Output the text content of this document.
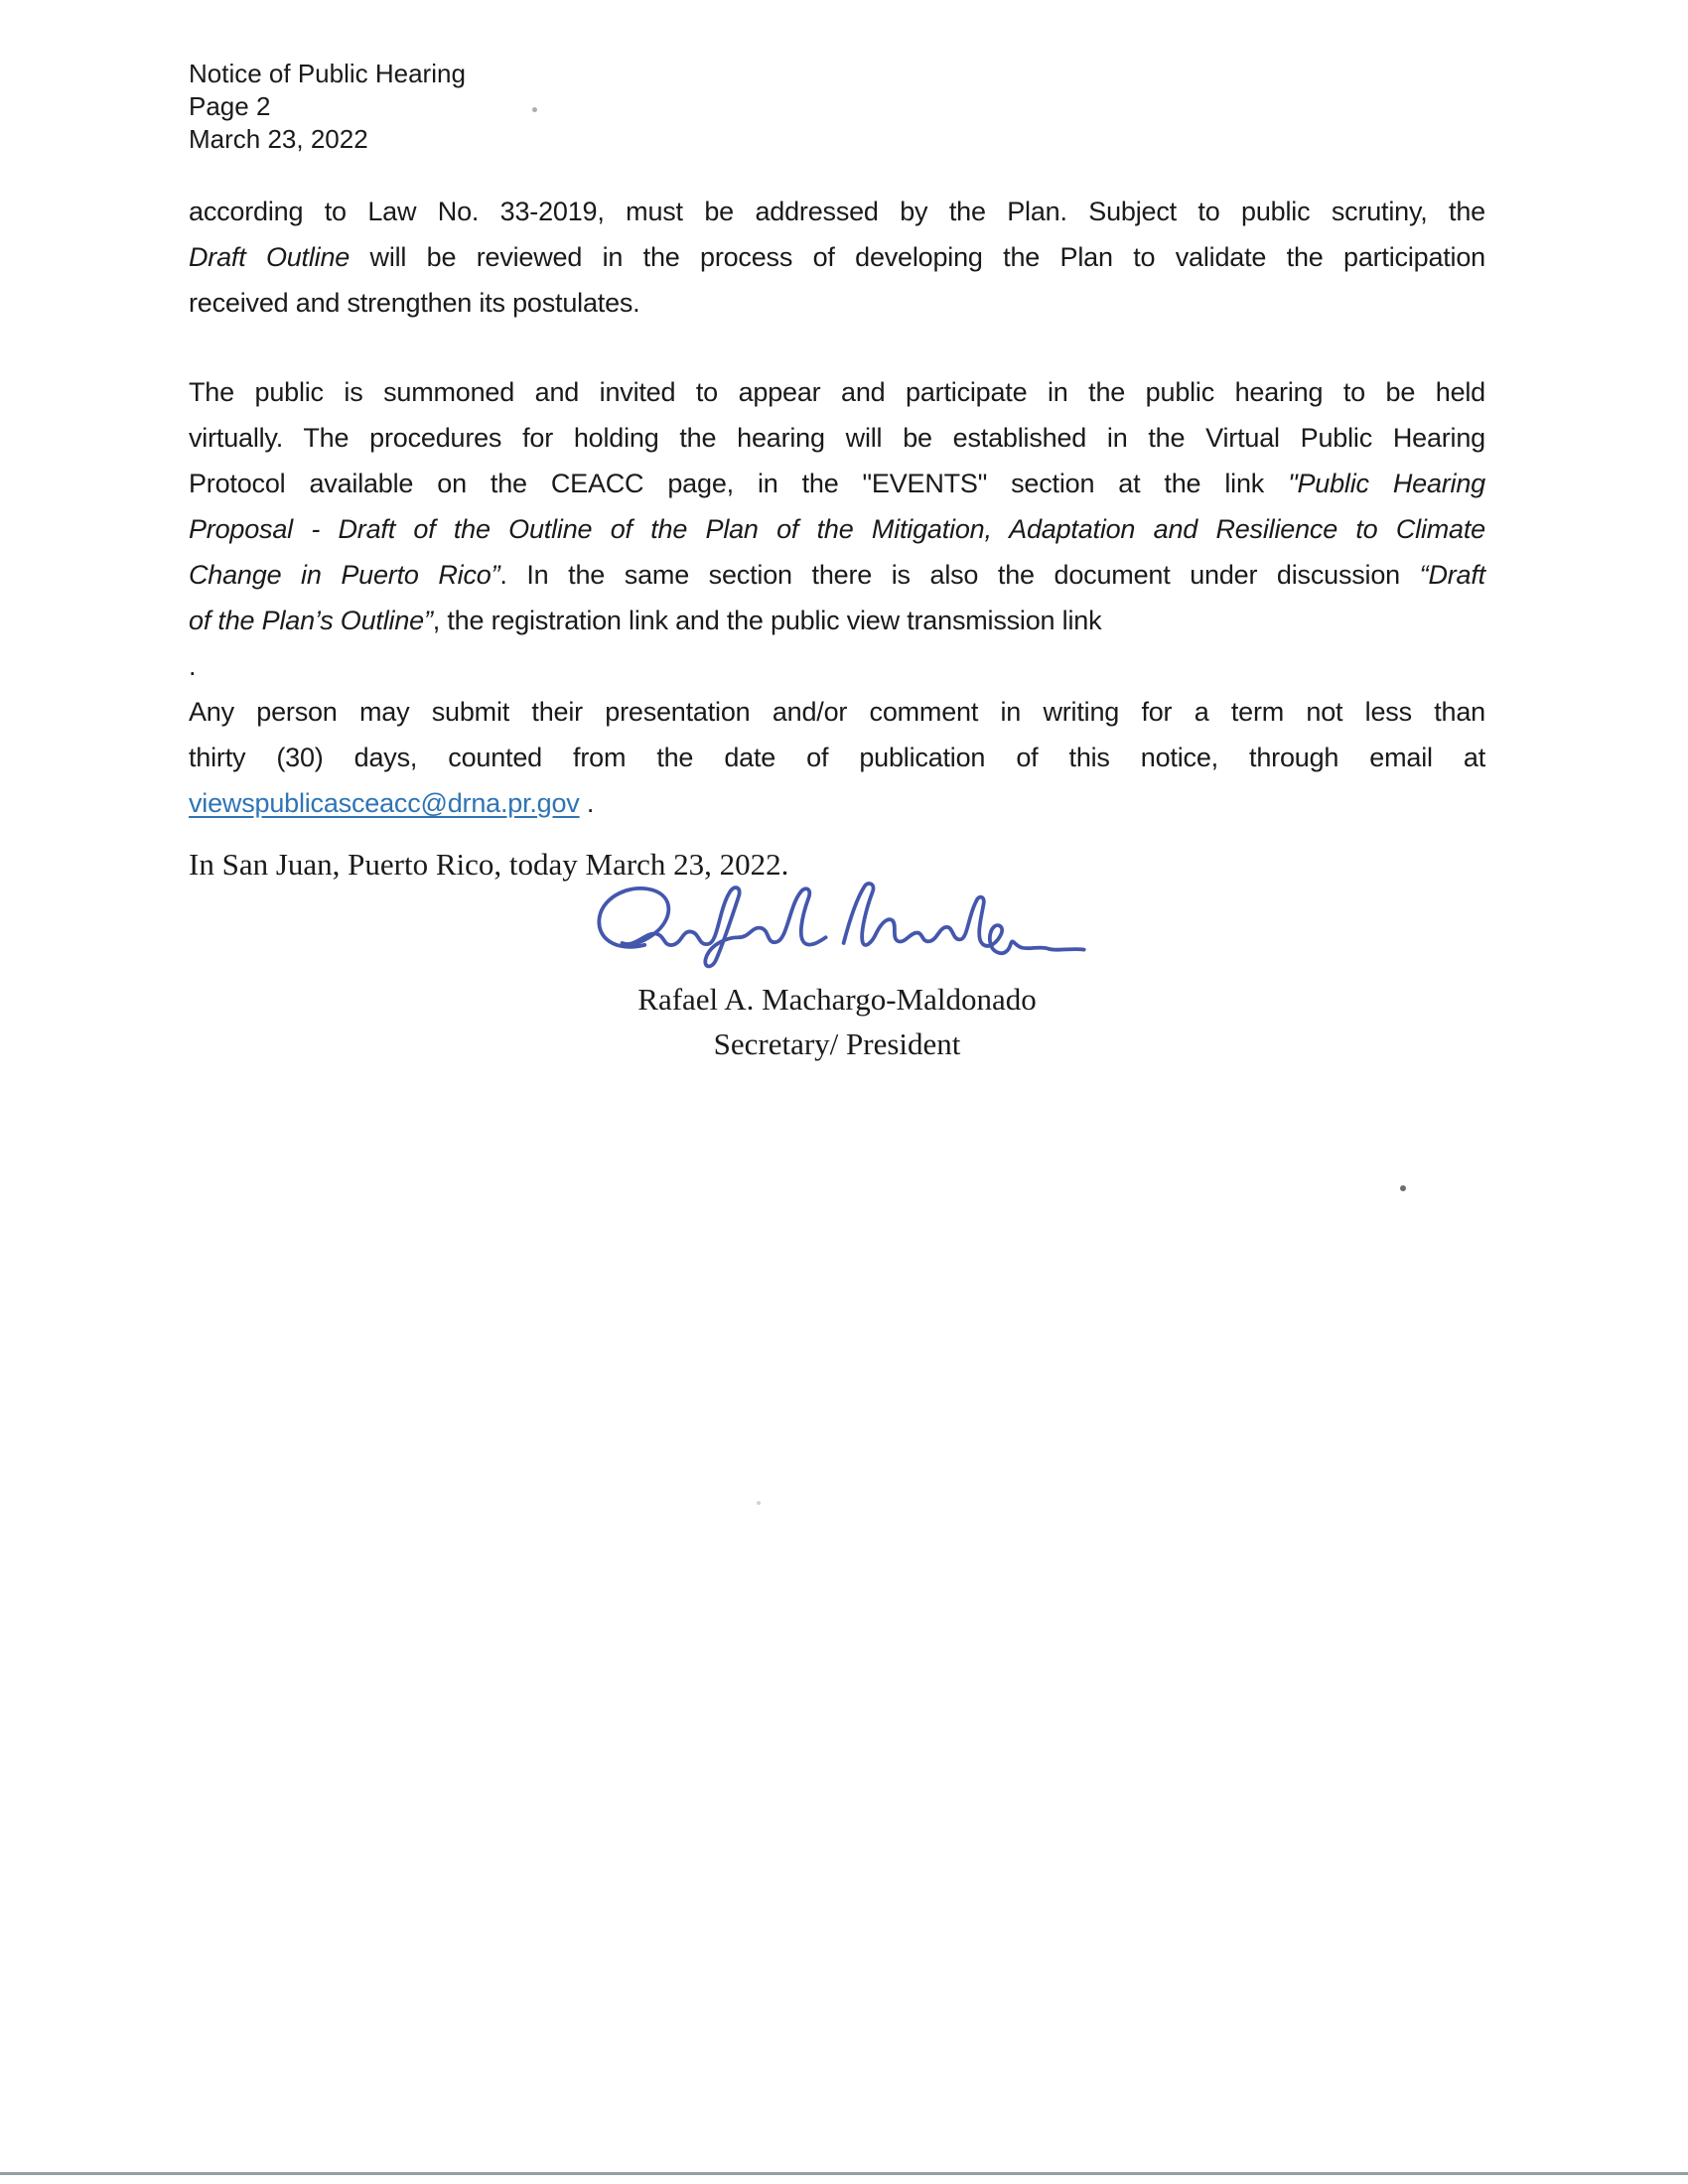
Notice of Public Hearing
Page 2
March 23, 2022
according to Law No. 33-2019, must be addressed by the Plan. Subject to public scrutiny, the
Draft Outline will be reviewed in the process of developing the Plan to validate the participation
received and strengthen its postulates.
The public is summoned and invited to appear and participate in the public hearing to be held
virtually. The procedures for holding the hearing will be established in the Virtual Public Hearing
Protocol available on the CEACC page, in the "EVENTS" section at the link "Public Hearing
Proposal - Draft of the Outline of the Plan of the Mitigation, Adaptation and Resilience to Climate
Change in Puerto Rico”. In the same section there is also the document under discussion “Draft
of the Plan’s Outline”, the registration link and the public view transmission link
.
Any person may submit their presentation and/or comment in writing for a term not less than
thirty (30) days, counted from the date of publication of this notice, through email at
viewspublicasceacc@drna.pr.gov .
In San Juan, Puerto Rico, today March 23, 2022.
Rafael A. Machargo-Maldonado
Secretary/ President
